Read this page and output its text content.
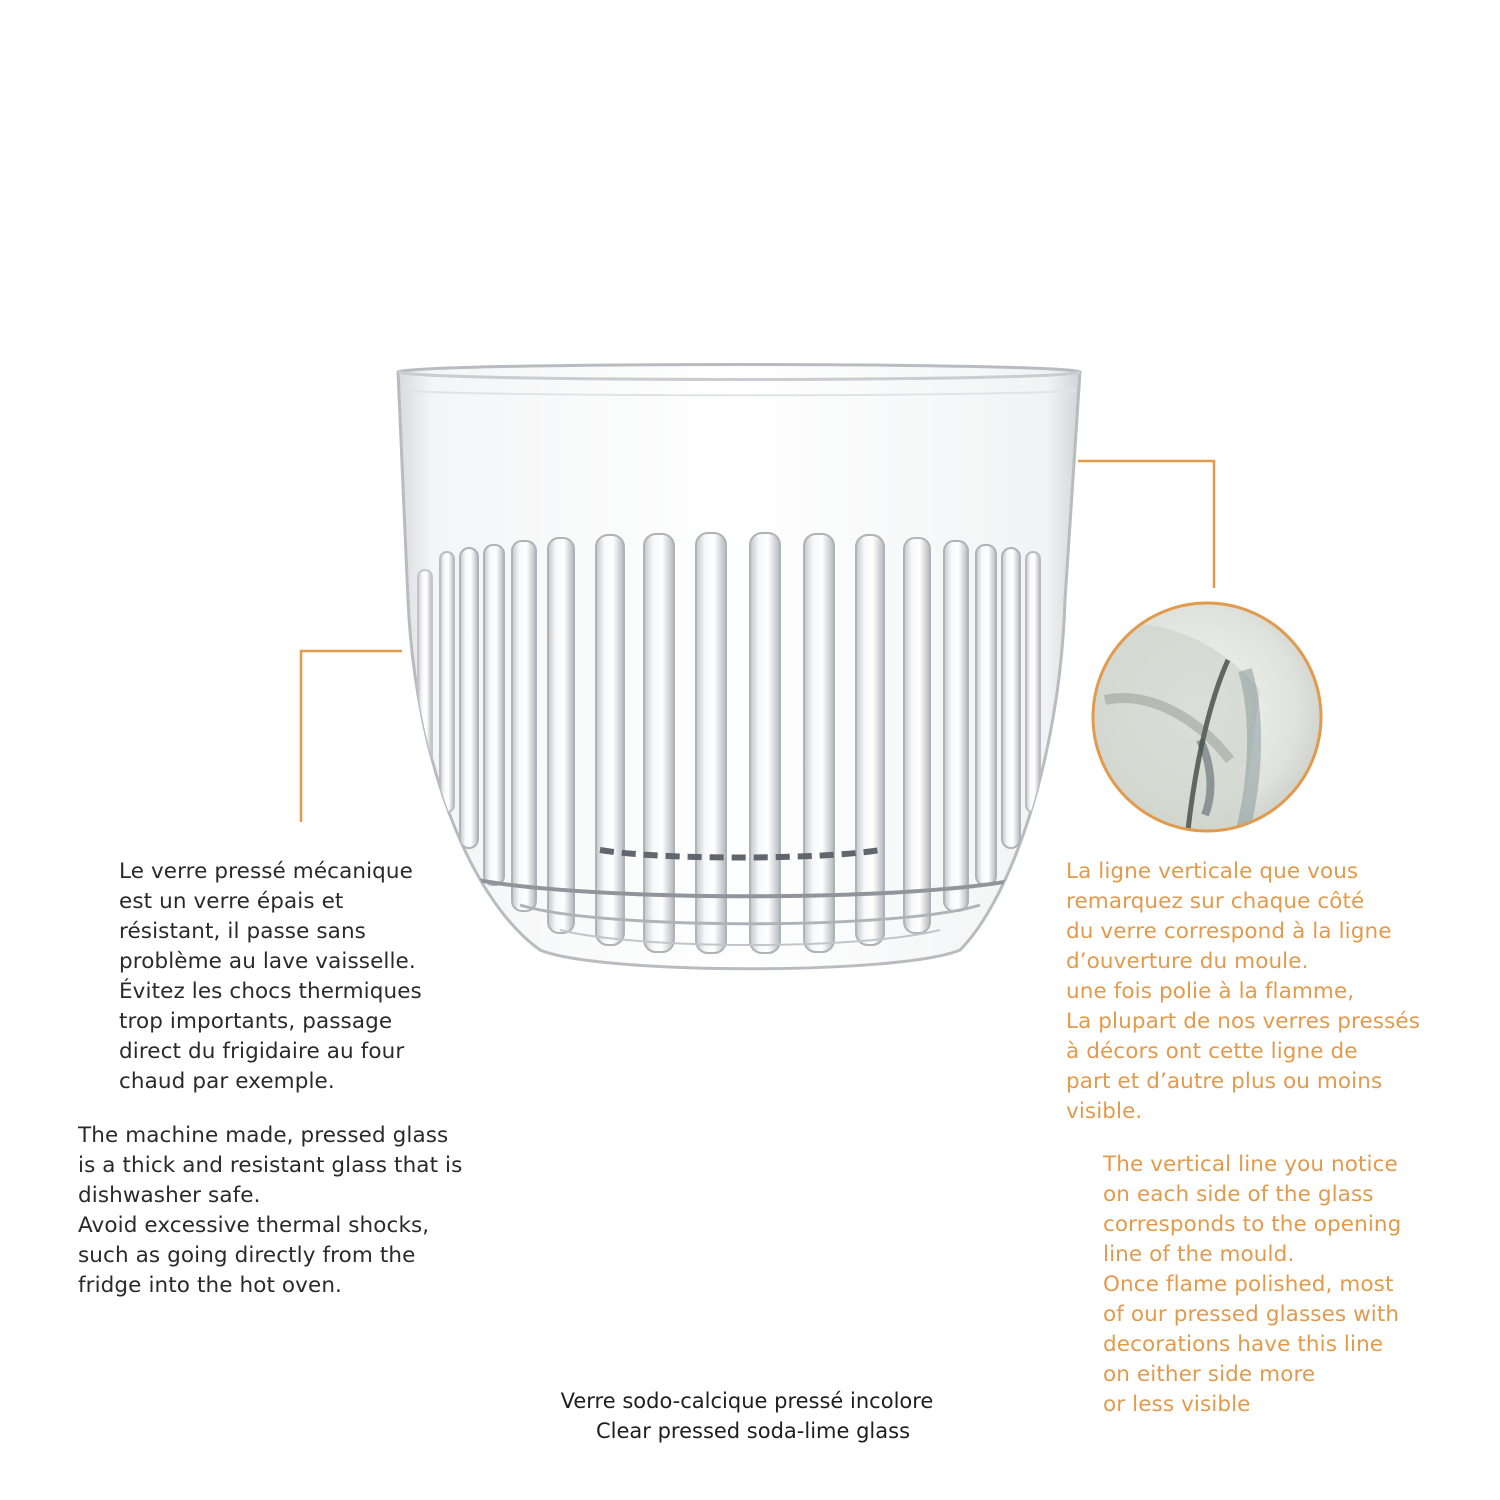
Le verre pressé mécanique
est un verre épais et
résistant, il passe sans
problème au lave vaisselle.
Évitez les chocs thermiques
trop importants, passage
direct du frigidaire au four
chaud par exemple.
The machine made, pressed glass
is a thick and resistant glass that is
dishwasher safe.
Avoid excessive thermal shocks,
such as going directly from the
fridge into the hot oven.
La ligne verticale que vous
remarquez sur chaque côté
du verre correspond à la ligne
d’ouverture du moule.
une fois polie à la flamme,
La plupart de nos verres pressés
à décors ont cette ligne de
part et d’autre plus ou moins
visible.
The vertical line you notice
on each side of the glass
corresponds to the opening
line of the mould.
Once flame polished, most
of our pressed glasses with
decorations have this line
on either side more
or less visible
Verre sodo-calcique pressé incolore
Clear pressed soda-lime glass
